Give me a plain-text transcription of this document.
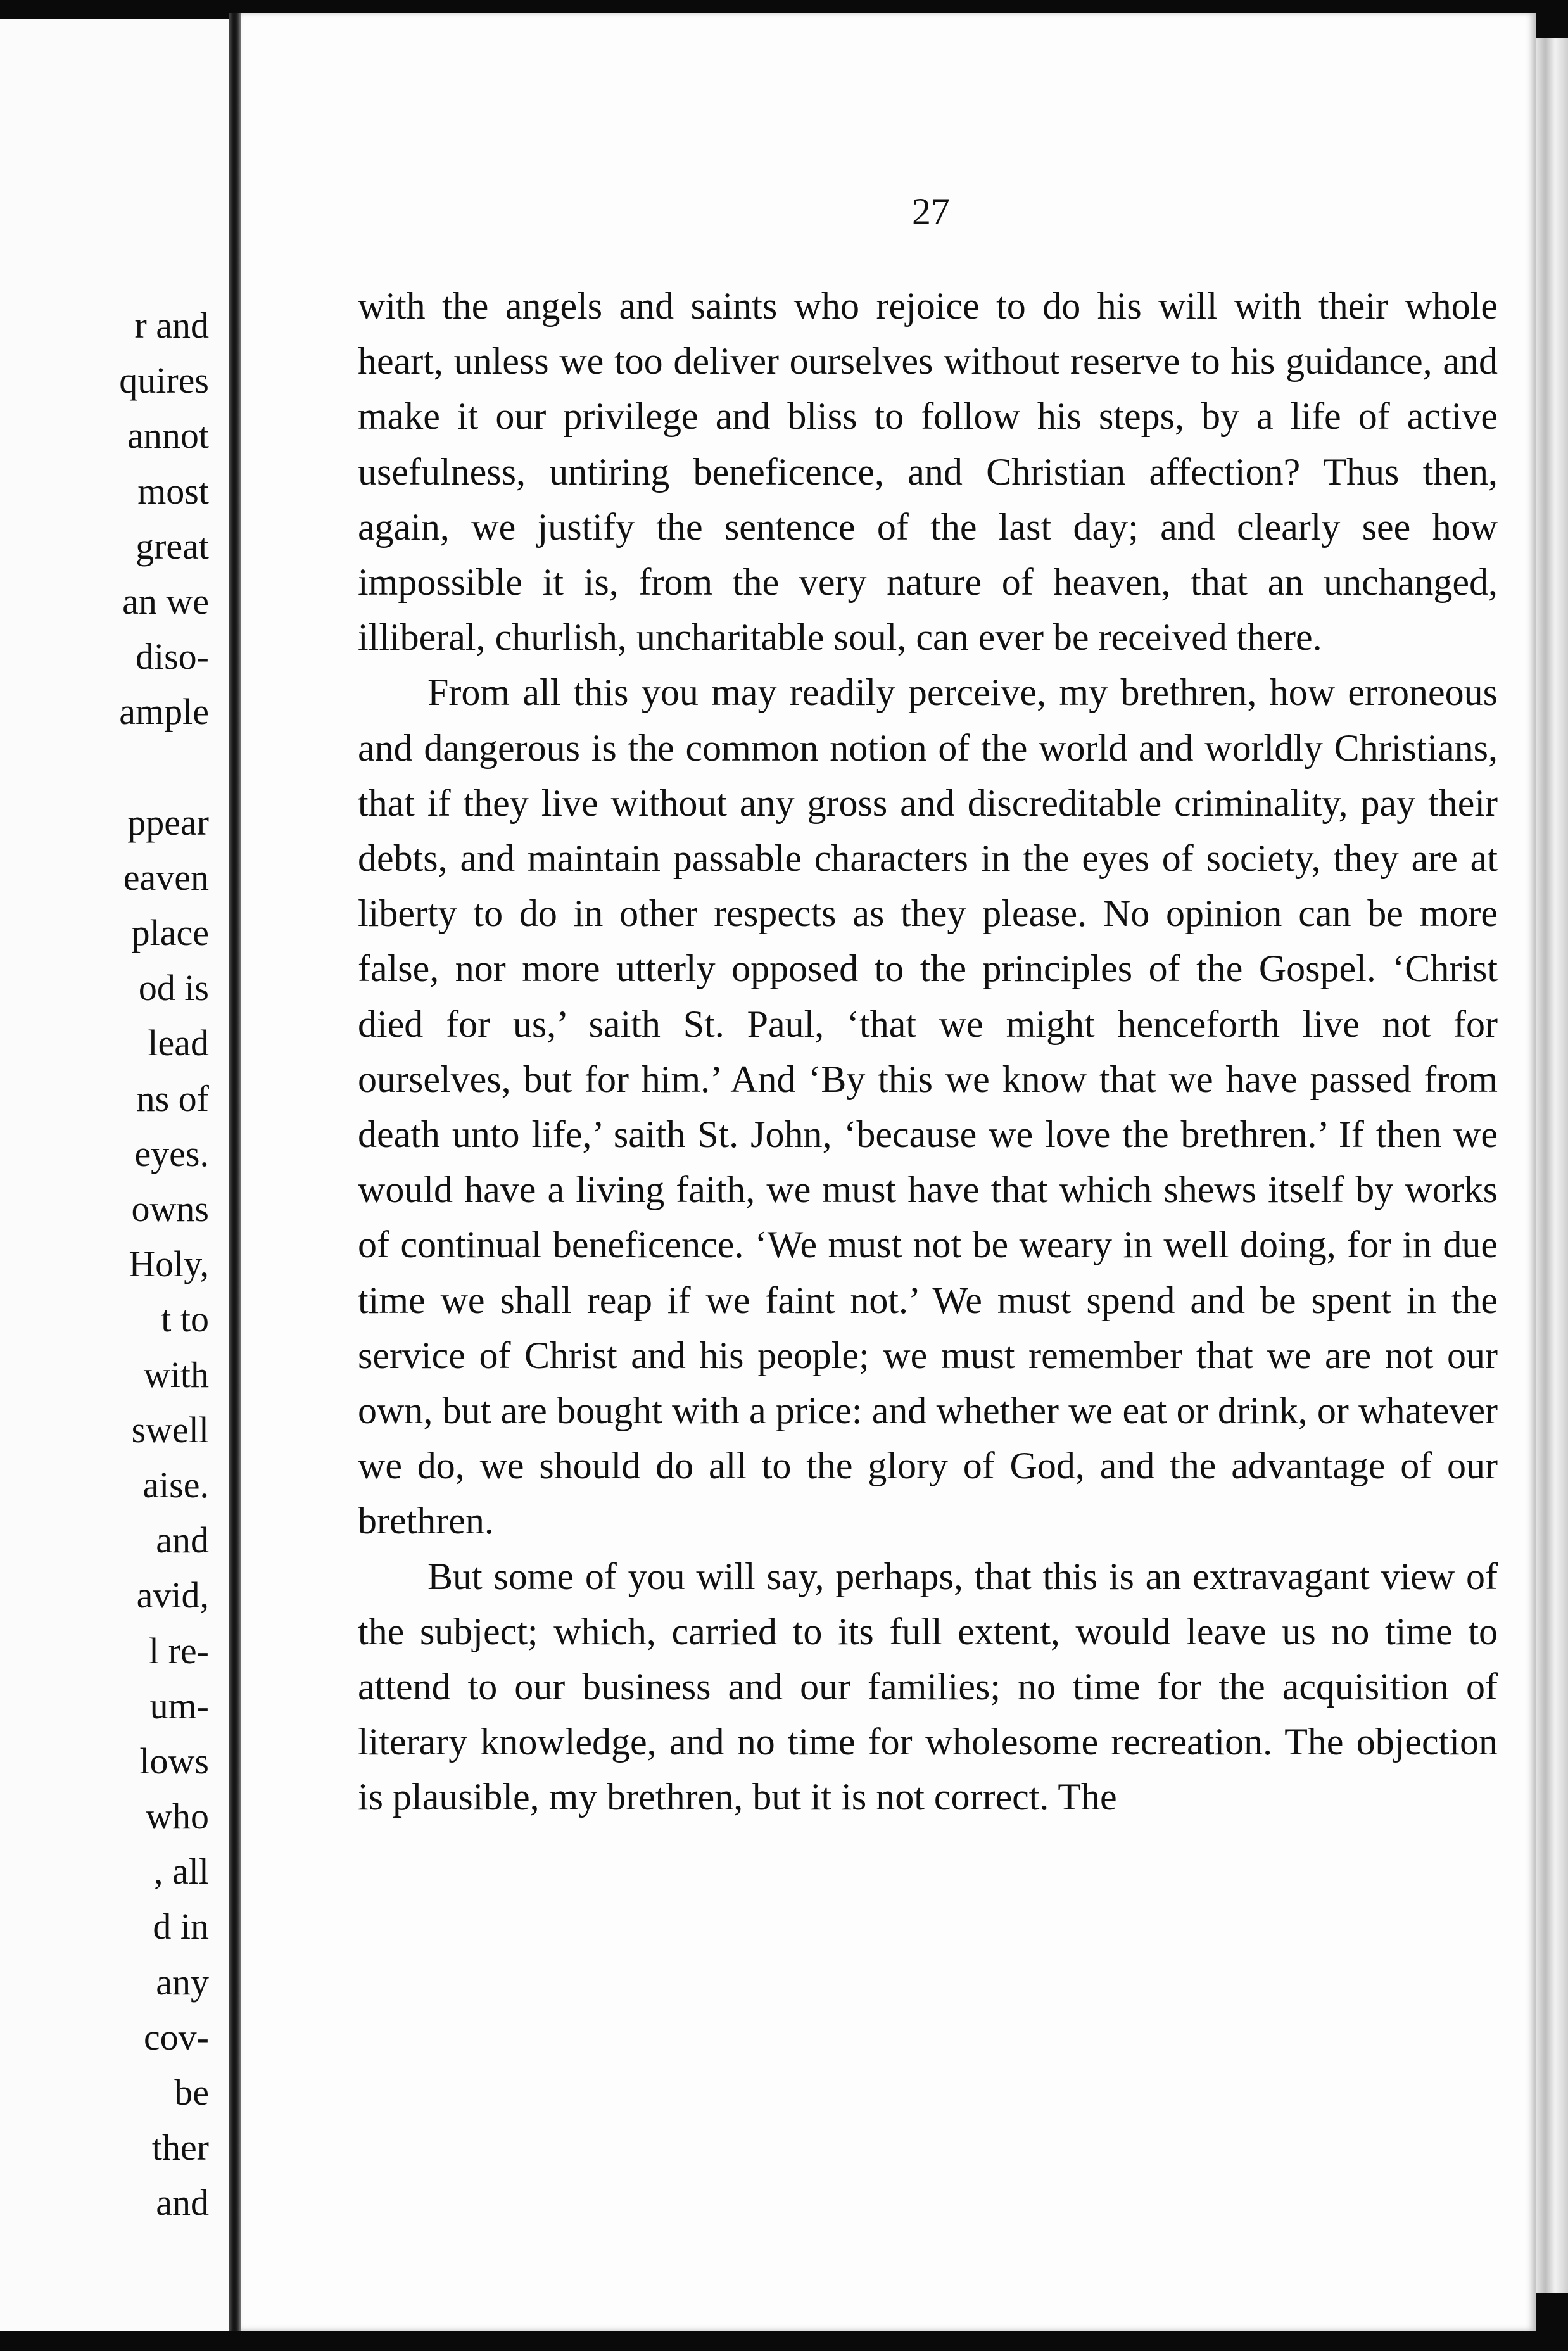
r and
quires
annot
most
great
an we
diso-
ample
ppear
eaven
place
od is
lead
ns of
eyes.
owns
Holy,
t to
with
swell
aise.
and
avid,
l re-
um-
lows
who
, all
d in
any
cov-
be
ther
and
27

with the angels and saints who rejoice to do his will with their whole heart, unless we too deliver ourselves without reserve to his guidance, and make it our privilege and bliss to follow his steps, by a life of active usefulness, untiring beneficence, and Christian affection? Thus then, again, we justify the sentence of the last day; and clearly see how impossible it is, from the very nature of heaven, that an unchanged, illiberal, churlish, uncharitable soul, can ever be received there.

From all this you may readily perceive, my brethren, how erroneous and dangerous is the common notion of the world and worldly Christians, that if they live without any gross and discreditable criminality, pay their debts, and maintain passable characters in the eyes of society, they are at liberty to do in other respects as they please. No opinion can be more false, nor more utterly opposed to the principles of the Gospel. ‘Christ died for us,’ saith St. Paul, ‘that we might henceforth live not for ourselves, but for him.’ And ‘By this we know that we have passed from death unto life,’ saith St. John, ‘because we love the brethren.’ If then we would have a living faith, we must have that which shews itself by works of continual beneficence. ‘We must not be weary in well doing, for in due time we shall reap if we faint not.’ We must spend and be spent in the service of Christ and his people; we must remember that we are not our own, but are bought with a price: and whether we eat or drink, or whatever we do, we should do all to the glory of God, and the advantage of our brethren.

But some of you will say, perhaps, that this is an extravagant view of the subject; which, carried to its full extent, would leave us no time to attend to our business and our families; no time for the acquisition of literary knowledge, and no time for wholesome recreation. The objection is plausible, my brethren, but it is not correct. The
